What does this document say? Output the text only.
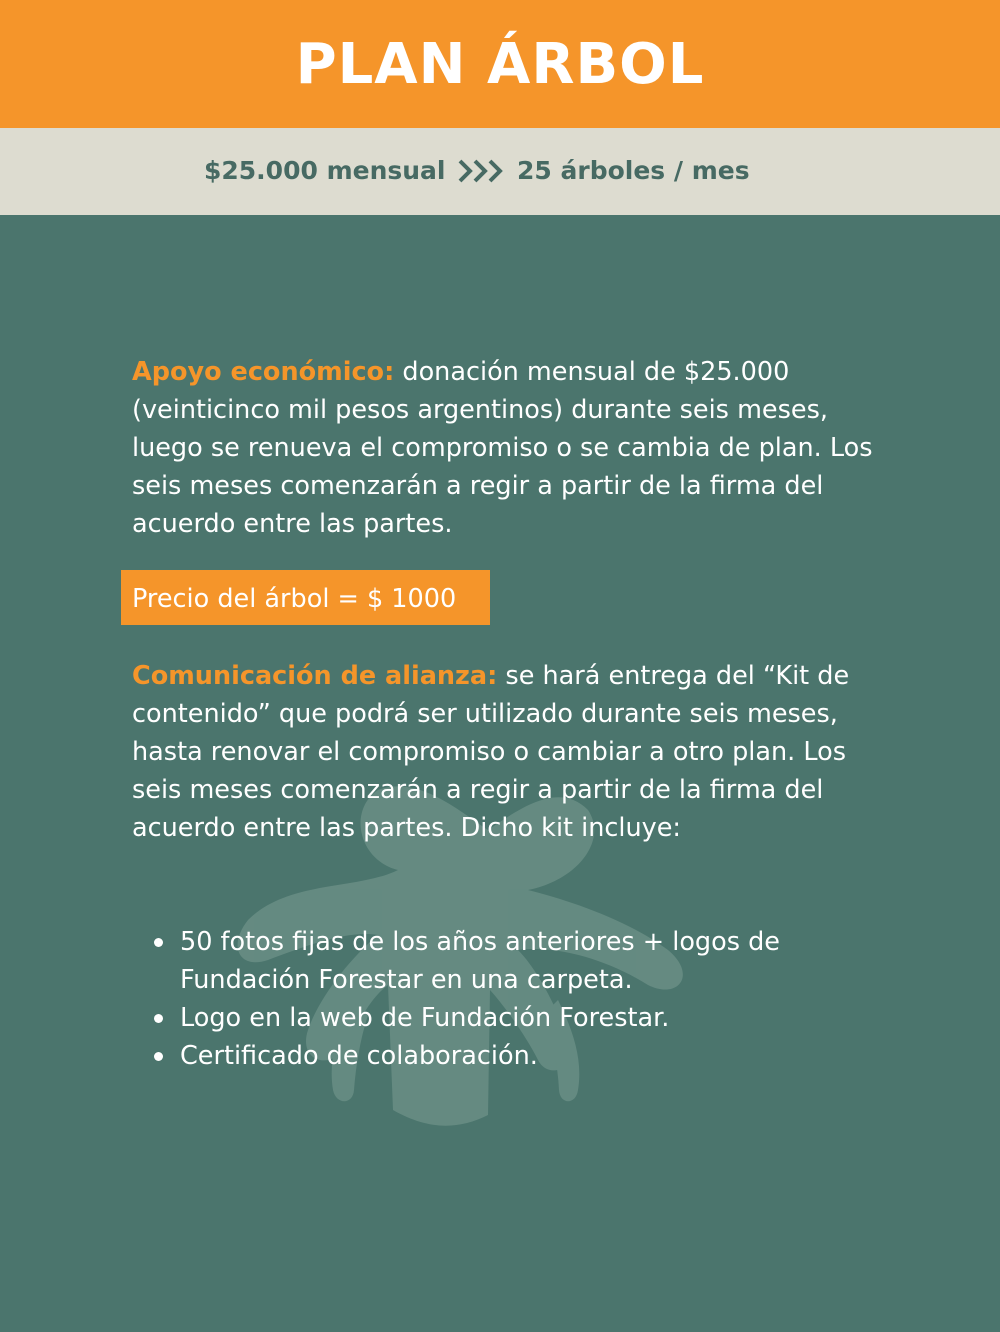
PLAN ÁRBOL
$25.000 mensual	25 árboles / mes
Apoyo económico: donación mensual de $25.000 (veinticinco mil pesos argentinos) durante seis meses, luego se renueva el compromiso o se cambia de plan. Los seis meses comenzarán a regir a partir de la firma del acuerdo entre las partes.
Precio del árbol = $ 1000
Comunicación de alianza: se hará entrega del “Kit de contenido” que podrá ser utilizado durante seis meses, hasta renovar el compromiso o cambiar a otro plan. Los seis meses comenzarán a regir a partir de la firma del acuerdo entre las partes. Dicho kit incluye:
50 fotos fijas de los años anteriores + logos de Fundación Forestar en una carpeta.
Logo en la web de Fundación Forestar.
Certificado de colaboración.
